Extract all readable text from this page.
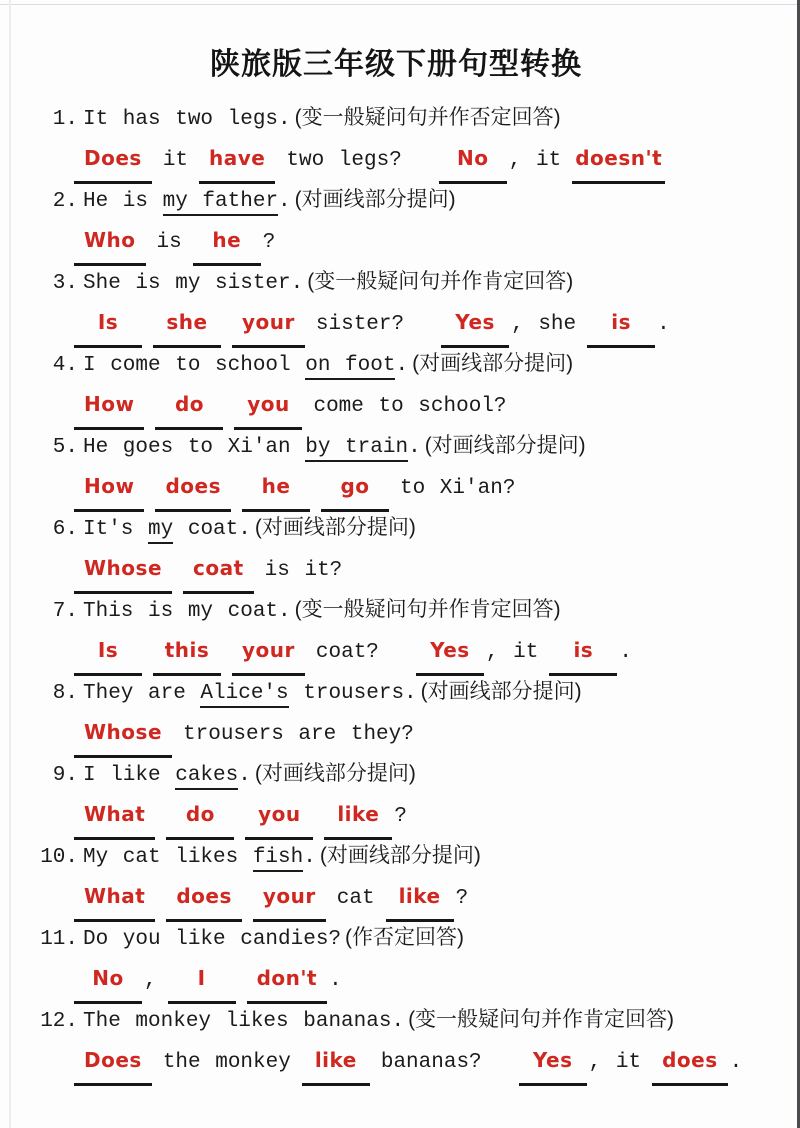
陕旅版三年级下册句型转换
1. It has two legs. (变一般疑问句并作否定回答)
Does it have two legs?	No , it doesn't
2. He is my father. (对画线部分提问)
Who is he ?
3. She is my sister. (变一般疑问句并作肯定回答)
Is she your sister?	Yes , she is .
4. I come to school on foot. (对画线部分提问)
How do you come to school?
5. He goes to Xi'an by train. (对画线部分提问)
How does he	go to Xi'an?
6. It's my coat. (对画线部分提问)
Whose coat is it?
7. This is my coat. (变一般疑问句并作肯定回答)
Is this your coat?	Yes , it is .
8. They are Alice's trousers. (对画线部分提问)
Whose trousers are they?
9. I like cakes. (对画线部分提问)
What do you like ?
10. My cat likes fish. (对画线部分提问)
What does your cat like ?
11. Do you like candies? (作否定回答)
No , I	don't .
12. The monkey likes bananas. (变一般疑问句并作肯定回答)
Does the monkey like bananas?	Yes , it does .
